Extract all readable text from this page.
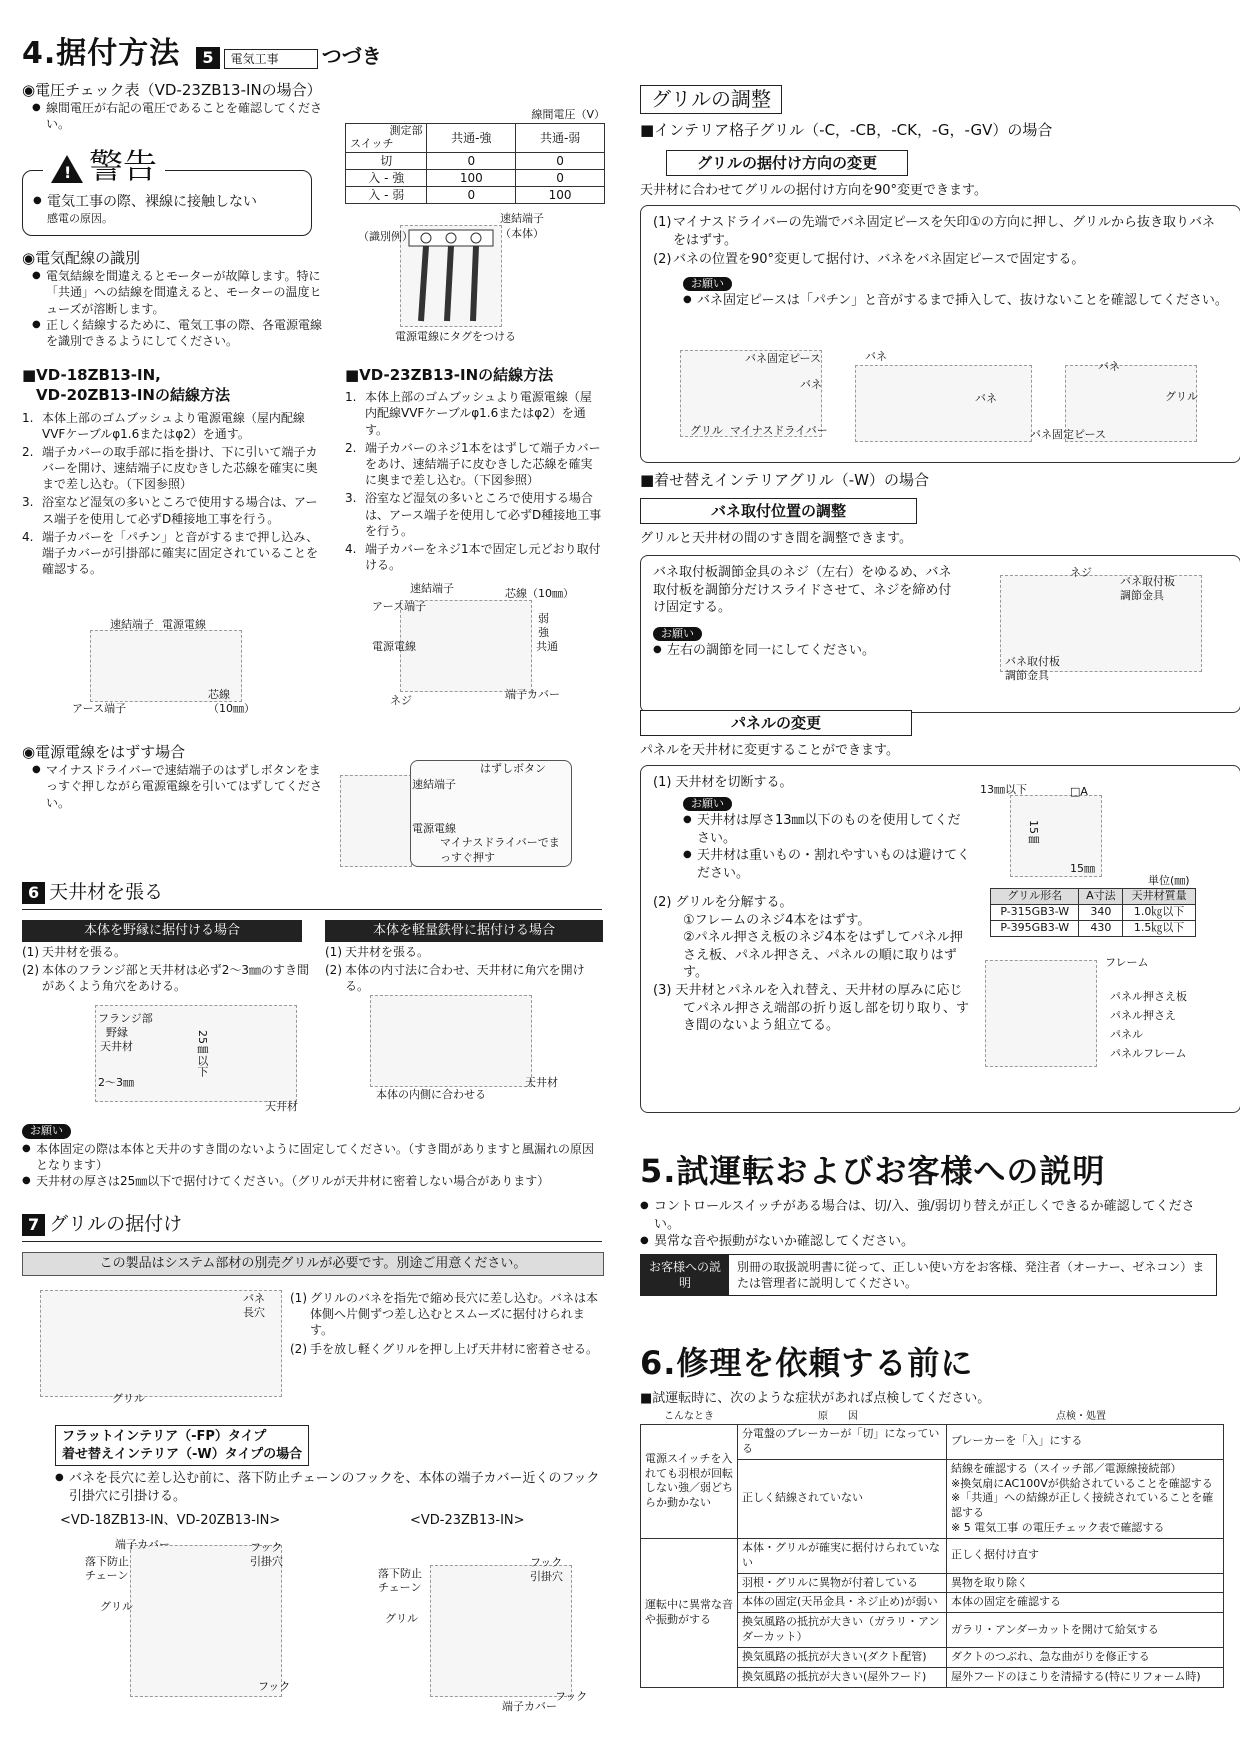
4.据付方法 5 電気工事 つづき
◉電圧チェック表（VD-23ZB13-INの場合）
● 線間電圧が右記の電圧であることを確認してください。
!警告
● 電気工事の際、裸線に接触しない
感電の原因。
線間電圧（V）
測定部
スイッチ	共通-強	共通-弱
切	0	0
入 - 強	100	0
入 - 弱	0	100
（識別例）
速結端子（本体）
電源電線にタグをつける
◉電気配線の識別
● 電気結線を間違えるとモーターが故障します。特に「共通」への結線を間違えると、モーターの温度ヒューズが溶断します。
● 正しく結線するために、電気工事の際、各電源電線を識別できるようにしてください。
■VD-18ZB13-IN,
VD-20ZB13-INの結線方法
1. 本体上部のゴムブッシュより電源電線（屋内配線VVFケーブルφ1.6またはφ2）を通す。
2. 端子カバーの取手部に指を掛け、下に引いて端子カバーを開け、速結端子に皮むきした芯線を確実に奥まで差し込む。（下図参照）
3. 浴室など湿気の多いところで使用する場合は、アース端子を使用して必ずD種接地工事を行う。
4. 端子カバーを「パチン」と音がするまで押し込み、端子カバーが引掛部に確実に固定されていることを確認する。
■VD-23ZB13-INの結線方法
1. 本体上部のゴムブッシュより電源電線（屋内配線VVFケーブルφ1.6またはφ2）を通す。
2. 端子カバーのネジ1本をはずして端子カバーをあけ、速結端子に皮むきした芯線を確実に奥まで差し込む。（下図参照）
3. 浴室など湿気の多いところで使用する場合は、アース端子を使用して必ずD種接地工事を行う。
4. 端子カバーをネジ1本で固定し元どおり取付ける。
速結端子 電源電線
アース端子
芯線
（10㎜）
速結端子	芯線（10㎜）
アース端子
弱
強
共通
電源電線
ネジ	端子カバー
◉電源電線をはずす場合
● マイナスドライバーで速結端子のはずしボタンをまっすぐ押しながら電源電線を引いてはずしてください。
はずしボタン
速結端子
電源電線
マイナスドライバーでまっすぐ押す
6 天井材を張る
本体を野縁に据付ける場合	本体を軽量鉄骨に据付ける場合
(1) 天井材を張る。
(2) 本体のフランジ部と天井材は必ず2～3㎜のすき間があくよう角穴をあける。
(1) 天井材を張る。
(2) 本体の内寸法に合わせ、天井材に角穴を開ける。
フランジ部
野縁
天井材
2～3㎜
25㎜以下
天井材
本体の内側に合わせる
天井材
お願い
● 本体固定の際は本体と天井のすき間のないように固定してください。（すき間がありますと風漏れの原因となります）
● 天井材の厚さは25㎜以下で据付けてください。（グリルが天井材に密着しない場合があります）
7 グリルの据付け
この製品はシステム部材の別売グリルが必要です。別途ご用意ください。
バネ
長穴
グリル
(1) グリルのバネを指先で縮め長穴に差し込む。バネは本体側へ片側ずつ差し込むとスムーズに据付けられます。
(2) 手を放し軽くグリルを押し上げ天井材に密着させる。
フラットインテリア（-FP）タイプ
着せ替えインテリア（-W）タイプの場合
● バネを長穴に差し込む前に、落下防止チェーンのフックを、本体の端子カバー近くのフック引掛穴に引掛ける。
<VD-18ZB13-IN、VD-20ZB13-IN>	<VD-23ZB13-IN>
端子カバー
落下防止
チェーン
グリル
フック
引掛穴
フック
落下防止
チェーン
フック
引掛穴
グリル
端子カバー
フック
グリルの調整
■インテリア格子グリル（-C，-CB，-CK，-G，-GV）の場合
グリルの据付け方向の変更
天井材に合わせてグリルの据付け方向を90°変更できます。
(1) マイナスドライバーの先端でバネ固定ピースを矢印①の方向に押し、グリルから抜き取りバネをはずす。
(2) バネの位置を90°変更して据付け、バネをバネ固定ピースで固定する。
お願い
● バネ固定ピースは「パチン」と音がするまで挿入して、抜けないことを確認してください。
バネ固定ピース
バネ
グリル マイナスドライバー
バネ
バネ
バネ
グリル
バネ固定ピース
■着せ替えインテリアグリル（-W）の場合
バネ取付位置の調整
グリルと天井材の間のすき間を調整できます。
バネ取付板調節金具のネジ（左右）をゆるめ、バネ取付板を調節分だけスライドさせて、ネジを締め付け固定する。
お願い
● 左右の調節を同一にしてください。
ネジ
バネ取付板
調節金具
バネ取付板
調節金具
パネルの変更
パネルを天井材に変更することができます。
(1) 天井材を切断する。
お願い
● 天井材は厚さ13㎜以下のものを使用してください。
● 天井材は重いもの・割れやすいものは避けてください。
(2) グリルを分解する。
①フレームのネジ4本をはずす。
②パネル押さえ板のネジ4本をはずしてパネル押さえ板、パネル押さえ、パネルの順に取りはずす。
(3) 天井材とパネルを入れ替え、天井材の厚みに応じてパネル押さえ端部の折り返し部を切り取り、すき間のないよう組立てる。
13㎜以下	□A
15㎜
15㎜
単位(㎜)
グリル形名	A寸法	天井材質量
P-315GB3-W	340	1.0㎏以下
P-395GB3-W	430	1.5㎏以下
フレーム
パネル押さえ板
パネル押さえ
パネル
パネルフレーム
5.試運転およびお客様への説明
● コントロールスイッチがある場合は、切/入、強/弱切り替えが正しくできるか確認してください。
● 異常な音や振動がないか確認してください。
お客様への説明
別冊の取扱説明書に従って、正しい使い方をお客様、発注者（オーナー、ゼネコン）または管理者に説明してください。
6.修理を依頼する前に
■試運転時に、次のような症状があれば点検してください。
こんなとき	原　　因	点検・処置
電源スイッチを入れても羽根が回転しない強／弱どちらか動かない	分電盤のブレーカーが「切」になっている	ブレーカーを「入」にする
	正しく結線されていない	結線を確認する（スイッチ部／電源線接続部）
※換気扇にAC100Vが供給されていることを確認する
※「共通」への結線が正しく接続されていることを確認する
※ 5 電気工事 の電圧チェック表で確認する
運転中に異常な音や振動がする	本体・グリルが確実に据付けられていない	正しく据付け直す
	羽根・グリルに異物が付着している	異物を取り除く
	本体の固定(天吊金具・ネジ止め)が弱い	本体の固定を確認する
	換気風路の抵抗が大きい（ガラリ・アンダーカット）	ガラリ・アンダーカットを開けて給気する
	換気風路の抵抗が大きい(ダクト配管)	ダクトのつぶれ、急な曲がりを修正する
	換気風路の抵抗が大きい(屋外フード)	屋外フードのほこりを清掃する(特にリフォーム時)
